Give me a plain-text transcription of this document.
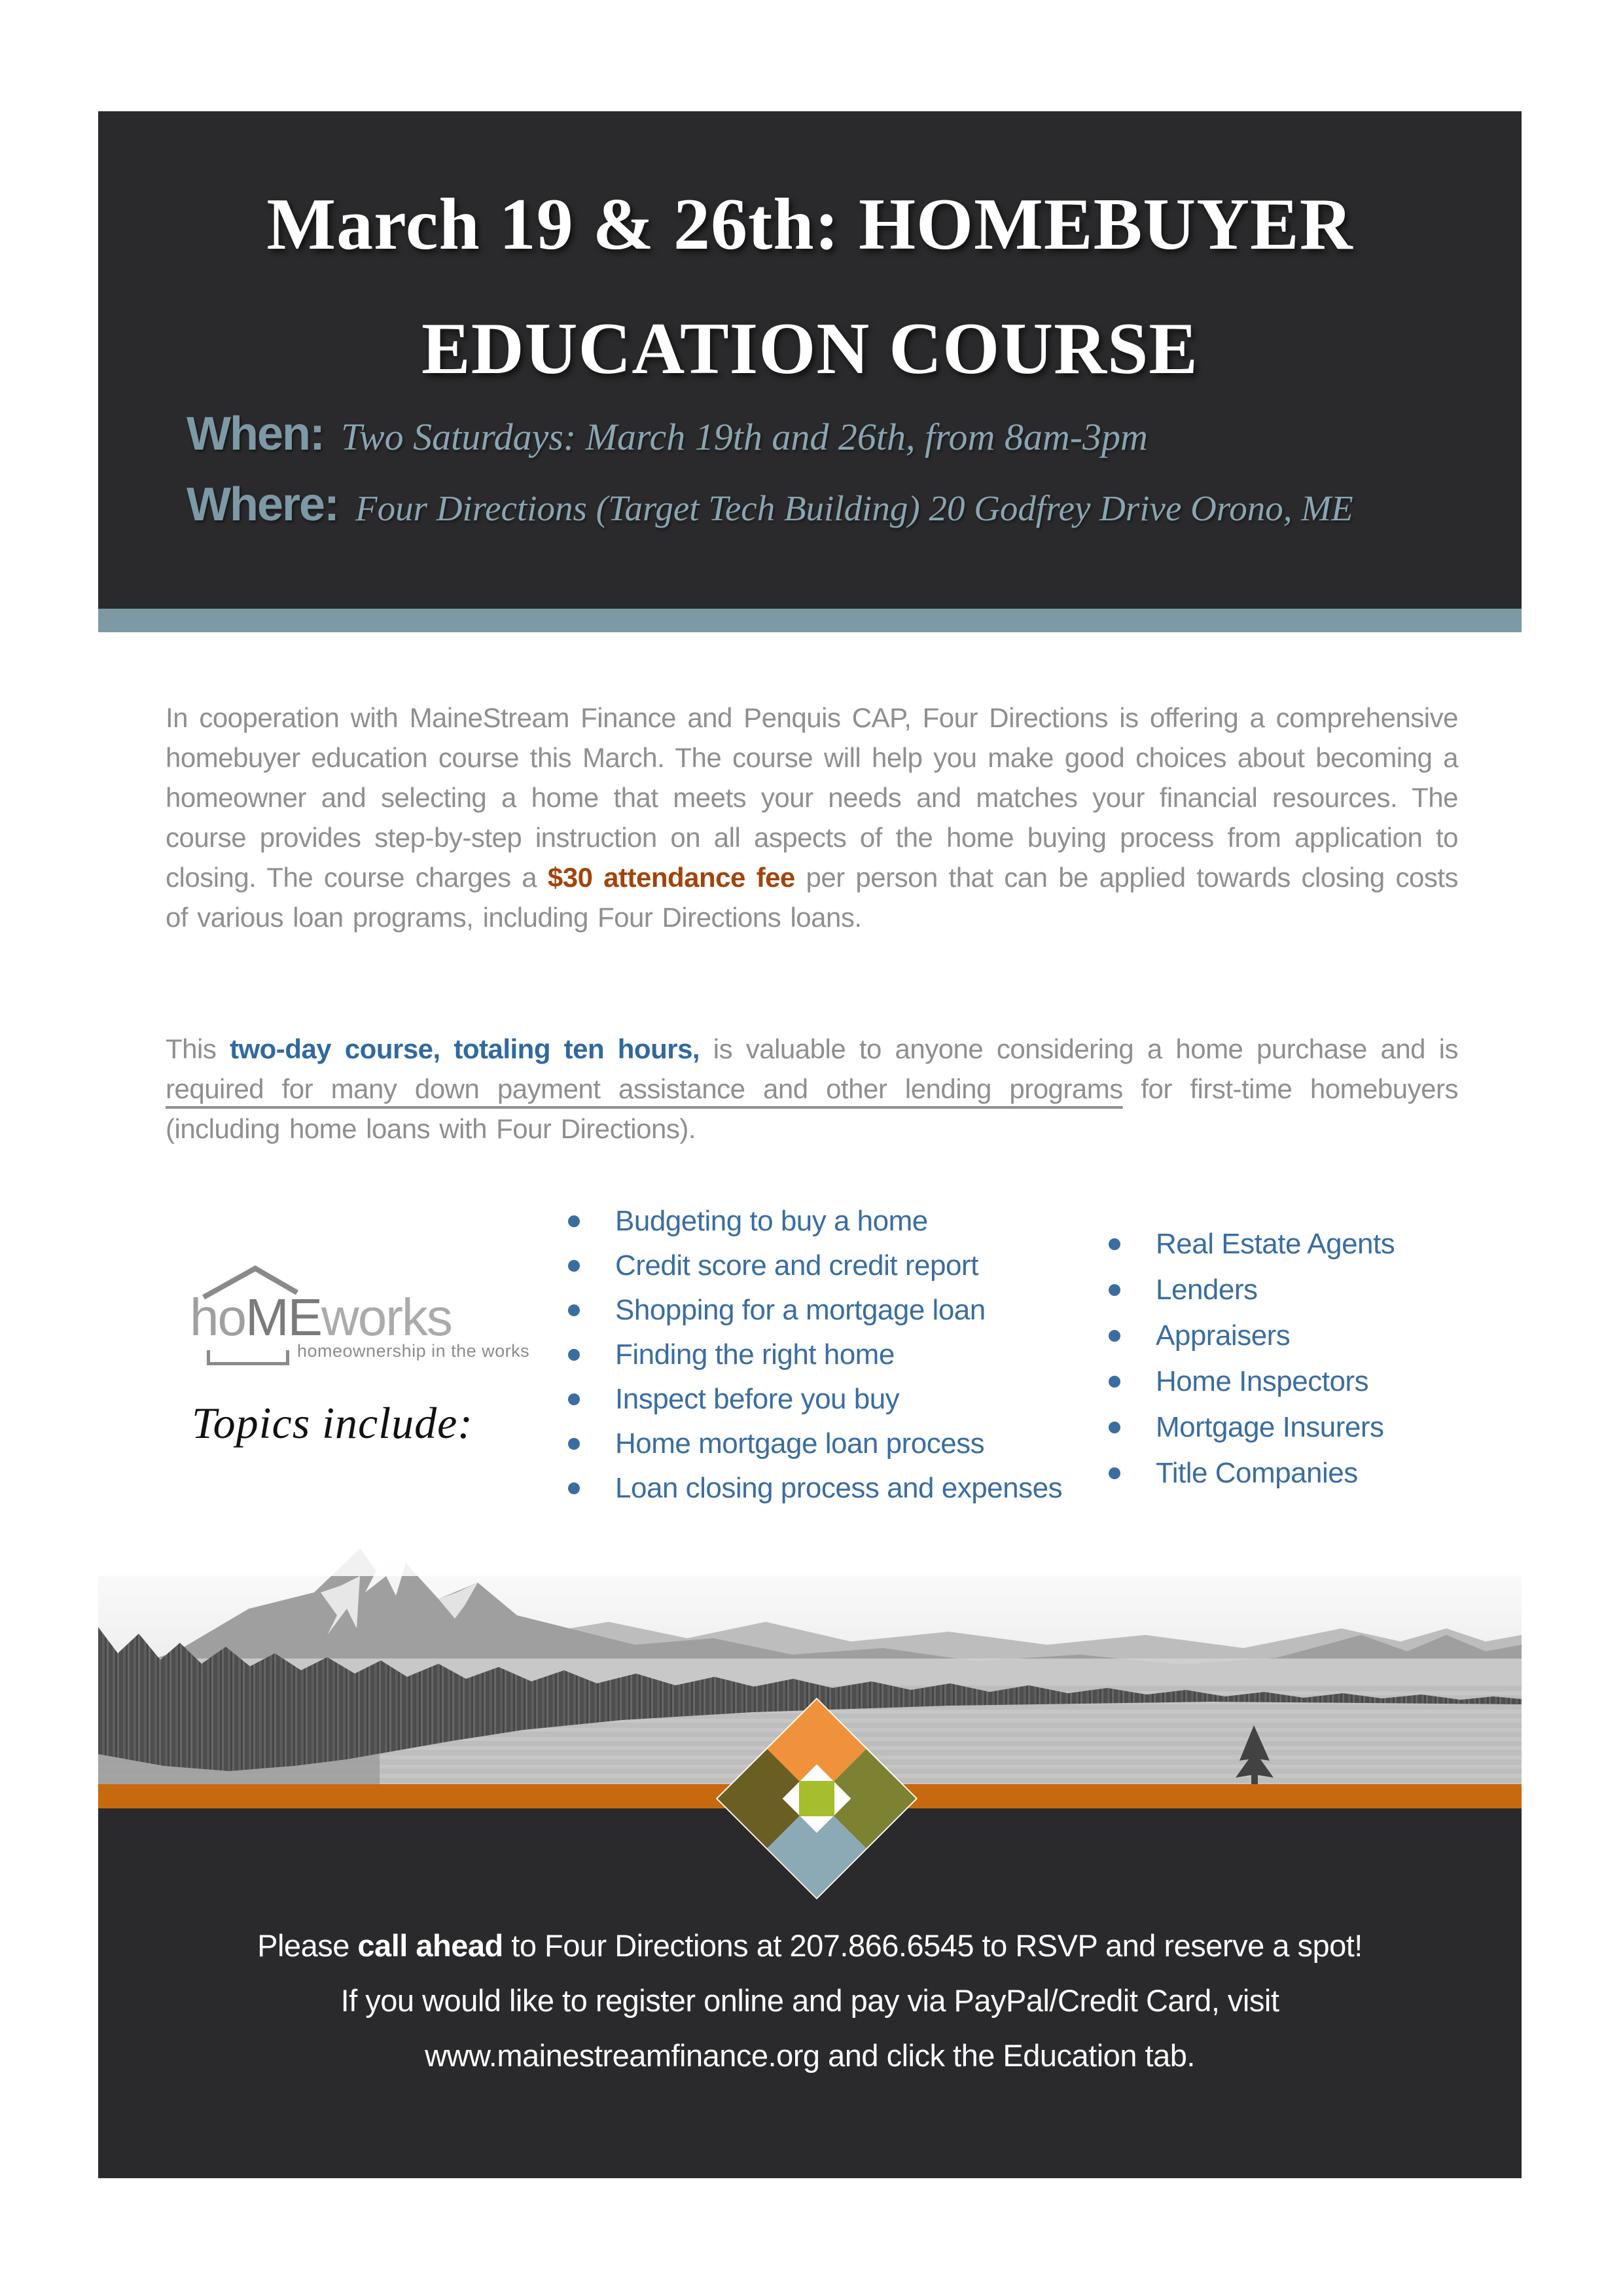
March 19 & 26th: HOMEBUYER
EDUCATION COURSE
When: Two Saturdays: March 19th and 26th, from 8am-3pm
Where: Four Directions (Target Tech Building) 20 Godfrey Drive Orono, ME
In cooperation with MaineStream Finance and Penquis CAP, Four Directions is offering a comprehensive homebuyer education course this March. The course will help you make good choices about becoming a homeowner and selecting a home that meets your needs and matches your financial resources. The course provides step-by-step instruction on all aspects of the home buying process from application to closing. The course charges a $30 attendance fee per person that can be applied towards closing costs of various loan programs, including Four Directions loans.
This two-day course, totaling ten hours, is valuable to anyone considering a home purchase and is required for many down payment assistance and other lending programs for first-time homebuyers (including home loans with Four Directions).
hoMEworks
homeownership in the works
Topics include:
Budgeting to buy a home
Credit score and credit report
Shopping for a mortgage loan
Finding the right home
Inspect before you buy
Home mortgage loan process
Loan closing process and expenses
Real Estate Agents
Lenders
Appraisers
Home Inspectors
Mortgage Insurers
Title Companies
Please call ahead to Four Directions at 207.866.6545 to RSVP and reserve a spot!
If you would like to register online and pay via PayPal/Credit Card, visit
www.mainestreamfinance.org and click the Education tab.
